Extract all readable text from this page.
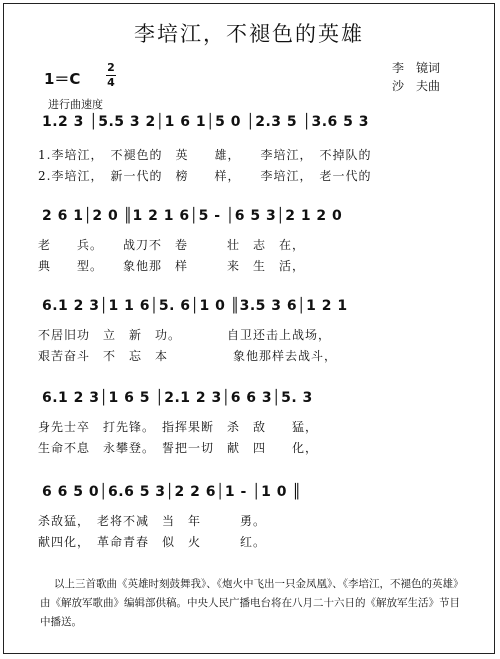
李培江，不褪色的英雄
1＝C
2
4
李　镜词
沙　夫曲
进行曲速度
1.2 3 │5.5 3 2│1 6 1│5 0 │2.3 5 │3.6 5 3
1.李培江，　不褪色的　英　　雄，　　李培江，　不掉队的
2.李培江，　新一代的　榜　　样，　　李培江，　老一代的
2 6 1│2 0 ║1 2 1 6│5 - │6 5 3│2 1 2 0
老　　兵。　　战刀不　卷　　　壮　志　在，
典　　型。　　象他那　样　　　来　生　活，
6.1 2 3│1 1 6│5. 6│1 0 ║3.5 3 6│1 2 1
不居旧功　立　新　功。　　　　自卫还击上战场，
艰苦奋斗　不　忘　本　　　　　象他那样去战斗，
6.1 2 3│1 6 5 │2.1 2 3│6 6 3│5. 3
身先士卒　打先锋。　指挥果断　杀　敌　　猛，
生命不息　永攀登。　誓把一切　献　四　　化，
6 6 5 0│6.6 5 3│2 2 6│1 - │1 0 ║
杀敌猛，　老将不减　当　年　　　勇。
献四化，　革命青春　似　火　　　红。
以上三首歌曲《英雄时刻鼓舞我》、《炮火中飞出一只金凤凰》、《李培江，不褪色的英雄》由《解放军歌曲》编辑部供稿。中央人民广播电台将在八月二十六日的《解放军生活》节目中播送。
